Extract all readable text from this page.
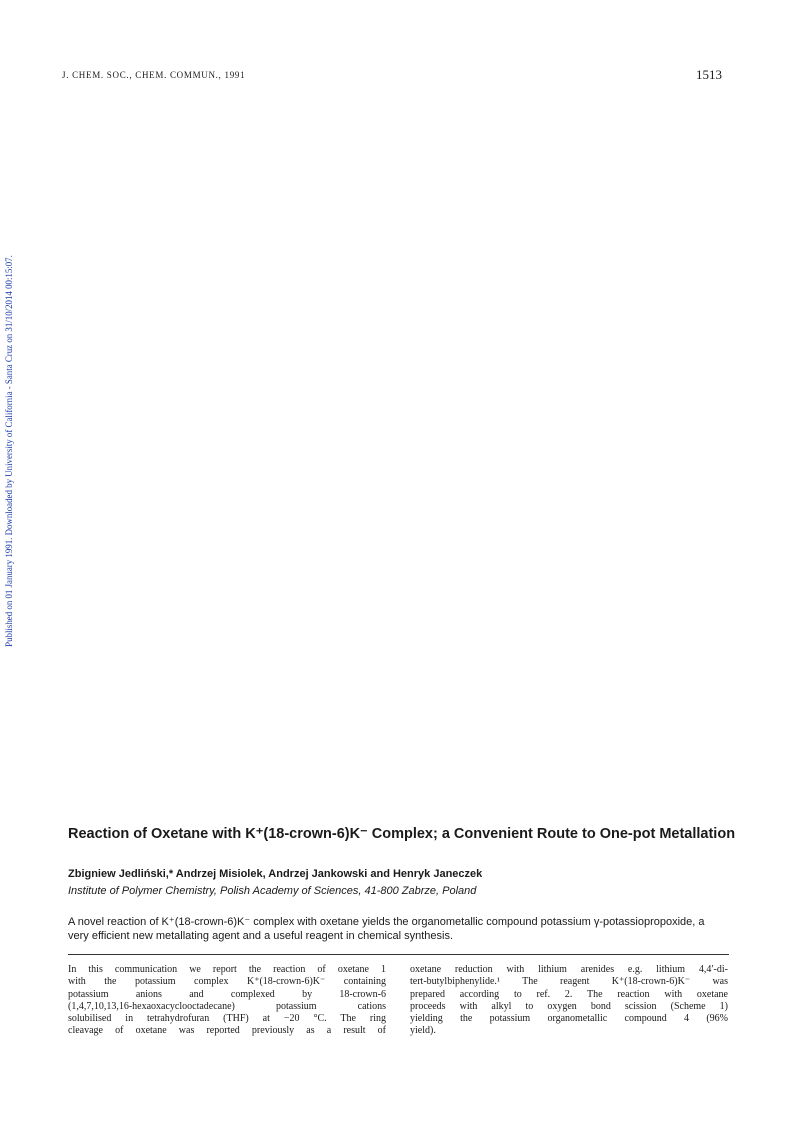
J. CHEM. SOC., CHEM. COMMUN., 1991	1513
Published on 01 January 1991. Downloaded by University of California - Santa Cruz on 31/10/2014 00:15:07.
Reaction of Oxetane with K⁺(18-crown-6)K⁻ Complex; a Convenient Route to One-pot Metallation
Zbigniew Jedliński,* Andrzej Misiolek, Andrzej Jankowski and Henryk Janeczek
Institute of Polymer Chemistry, Polish Academy of Sciences, 41-800 Zabrze, Poland
A novel reaction of K⁺(18-crown-6)K⁻ complex with oxetane yields the organometallic compound potassium γ-potassiopropoxide, a very efficient new metallating agent and a useful reagent in chemical synthesis.
In this communication we report the reaction of oxetane 1
with the potassium complex K⁺(18-crown-6)K⁻ containing
potassium anions and complexed by 18-crown-6
(1,4,7,10,13,16-hexaoxacyclooctadecane) potassium cations
solubilised in tetrahydrofuran (THF) at −20 °C. The ring
cleavage of oxetane was reported previously as a result of
oxetane reduction with lithium arenides e.g. lithium 4,4′-di-
tert-butylbiphenylide.¹ The reagent K⁺(18-crown-6)K⁻ was
prepared according to ref. 2. The reaction with oxetane
proceeds with alkyl to oxygen bond scission (Scheme 1)
yielding the potassium organometallic compound 4 (96%
yield).
